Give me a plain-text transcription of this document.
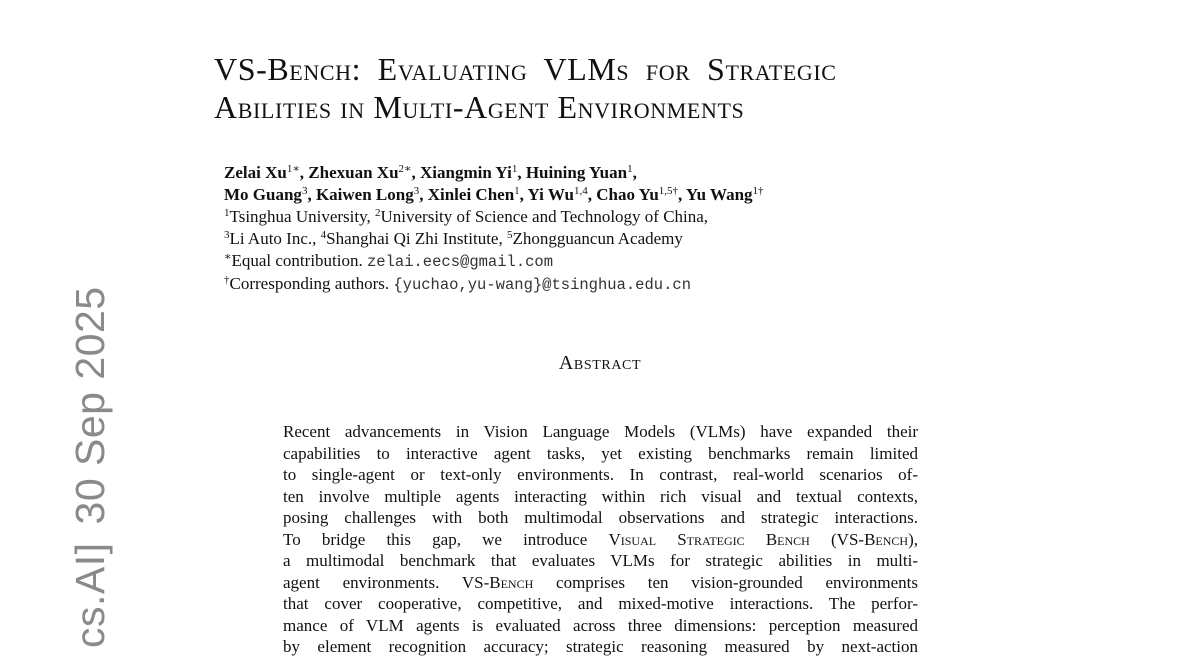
cs.AI]30 Sep 2025
VS-Bench: Evaluating VLMs for Strategic
Abilities in Multi-Agent Environments
Zelai $Xu^{1∗}$, Zhexuan $Xu^{2∗}$, Xiangmin Yi$^1$, Huining Yuan$^1$,
Mo Guang$^3$, Kaiwen Long$^3$, Xinlei Chen$^1$, Yi Wu$^{1,4}$, Chao $Yu^{1,5\dagger}$, Yu Wang$^{1\dagger}$
$^1$Tsinghua University, $^2$University of Science and Technology of China,
$^3$Li Auto Inc., $^4$Shanghai Qi Zhi Institute, $^5$Zhongguancun Academy
∗Equal contribution. zelai.eecs@gmail.com
†Corresponding authors. {yuchao,yu-wang}@tsinghua.edu.cn
Abstract
Recent advancements in Vision Language Models (VLMs) have expanded their
capabilities to interactive agent tasks, yet existing benchmarks remain limited
to single-agent or text-only environments. In contrast, real-world scenarios of-
ten involve multiple agents interacting within rich visual and textual contexts,
posing challenges with both multimodal observations and strategic interactions.
To bridge this gap, we introduce Visual Strategic Bench (VS-Bench),
a multimodal benchmark that evaluates VLMs for strategic abilities in multi-
agent environments. VS-Bench comprises ten vision-grounded environments
that cover cooperative, competitive, and mixed-motive interactions. The perfor-
mance of VLM agents is evaluated across three dimensions: perception measured
by element recognition accuracy; strategic reasoning measured by next-action
